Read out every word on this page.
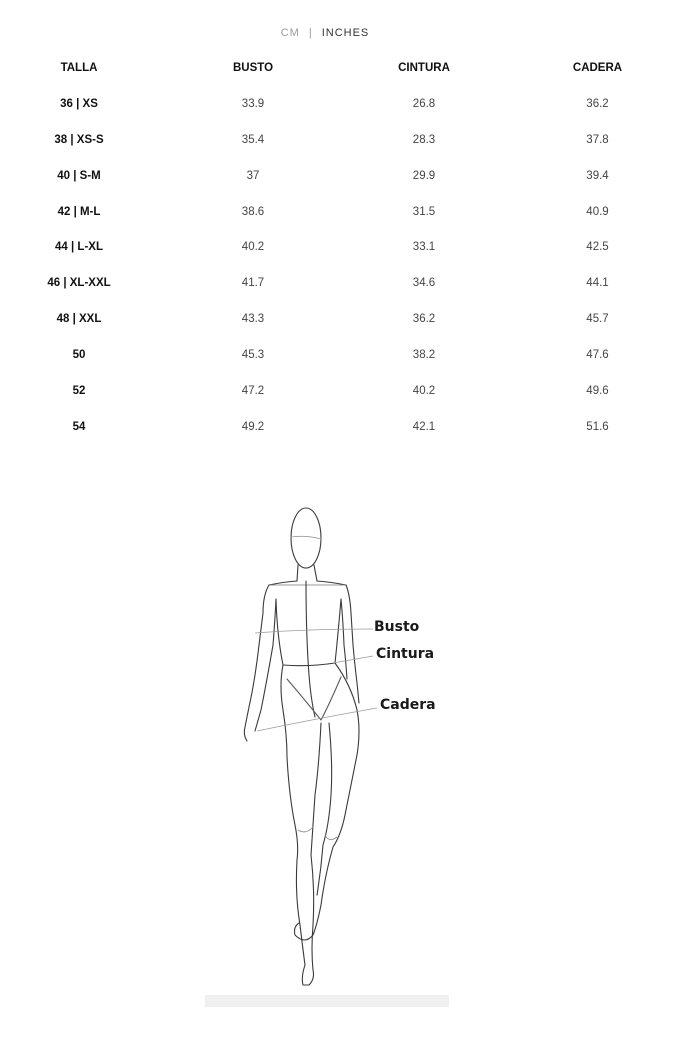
CM | INCHES
TALLA	BUSTO	CINTURA	CADERA
36 | XS	33.9	26.8	36.2
38 | XS-S	35.4	28.3	37.8
40 | S-M	37	29.9	39.4
42 | M-L	38.6	31.5	40.9
44 | L-XL	40.2	33.1	42.5
46 | XL-XXL	41.7	34.6	44.1
48 | XXL	43.3	36.2	45.7
50	45.3	38.2	47.6
52	47.2	40.2	49.6
54	49.2	42.1	51.6
Busto
Cintura
Cadera
